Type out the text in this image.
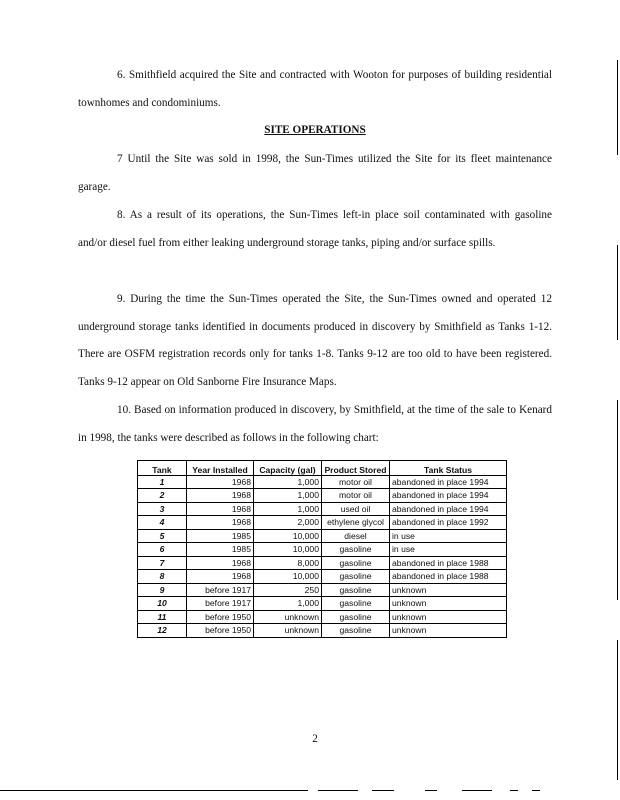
6. Smithfield acquired the Site and contracted with Wooton for purposes of building residential townhomes and condominiums.

SITE OPERATIONS

7 Until the Site was sold in 1998, the Sun-Times utilized the Site for its fleet maintenance garage.

8. As a result of its operations, the Sun-Times left-in place soil contaminated with gasoline and/or diesel fuel from either leaking underground storage tanks, piping and/or surface spills.

9. During the time the Sun-Times operated the Site, the Sun-Times owned and operated 12 underground storage tanks identified in documents produced in discovery by Smithfield as Tanks 1-12. There are OSFM registration records only for tanks 1-8. Tanks 9-12 are too old to have been registered. Tanks 9-12 appear on Old Sanborne Fire Insurance Maps.

10. Based on information produced in discovery, by Smithfield, at the time of the sale to Kenard in 1998, the tanks were described as follows in the following chart:

Tank	Year Installed	Capacity (gal)	Product Stored	Tank Status
1	1968	1,000	motor oil	abandoned in place 1994
2	1968	1,000	motor oil	abandoned in place 1994
3	1968	1,000	used oil	abandoned in place 1994
4	1968	2,000	ethylene glycol	abandoned in place 1992
5	1985	10,000	diesel	in use
6	1985	10,000	gasoline	in use
7	1968	8,000	gasoline	abandoned in place 1988
8	1968	10,000	gasoline	abandoned in place 1988
9	before 1917	250	gasoline	unknown
10	before 1917	1,000	gasoline	unknown
11	before 1950	unknown	gasoline	unknown
12	before 1950	unknown	gasoline	unknown
2
